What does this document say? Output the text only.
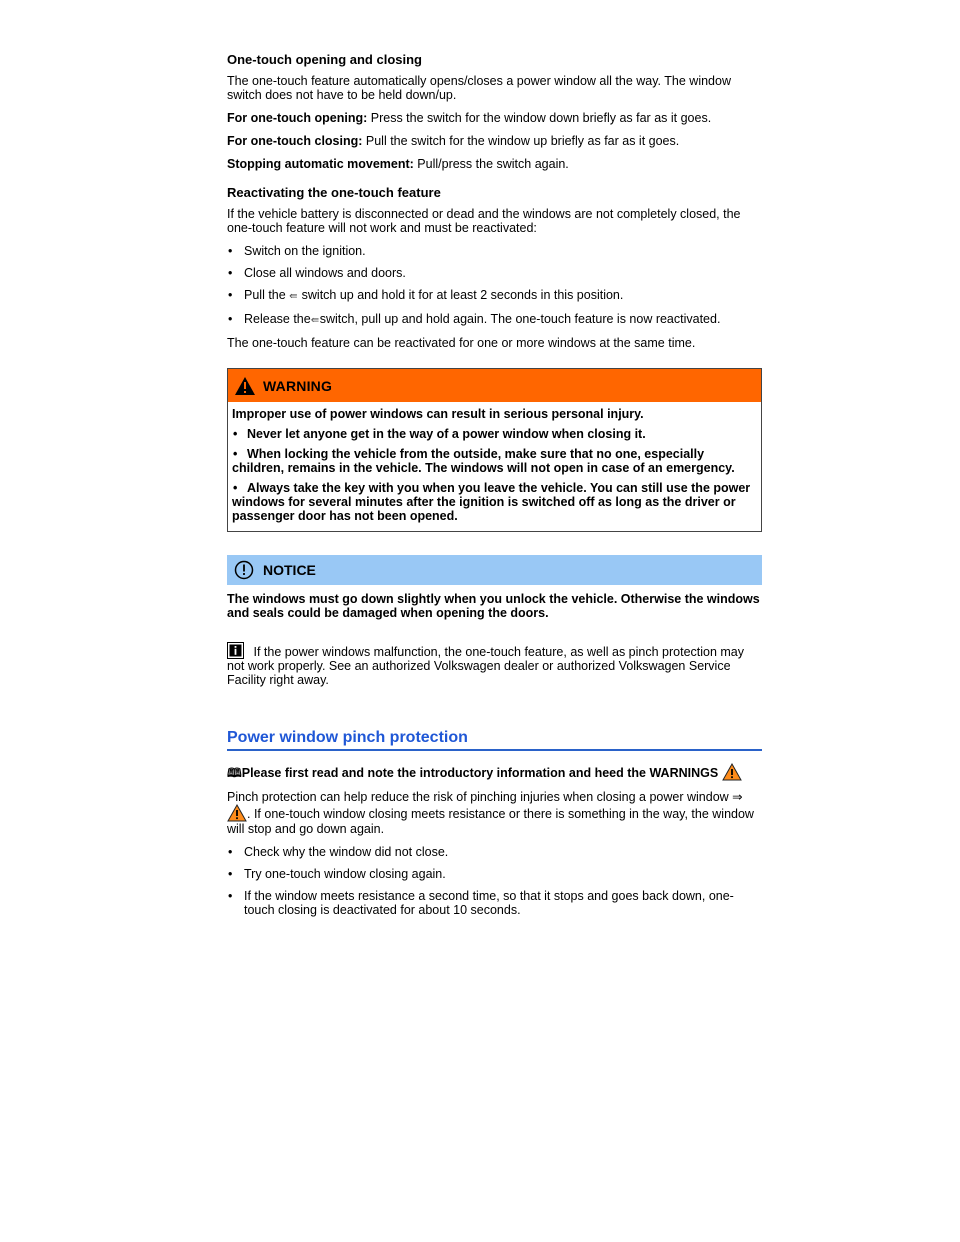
One-touch opening and closing

The one-touch feature automatically opens/closes a power window all the way. The window switch does not have to be held down/up.

For one-touch opening: Press the switch for the window down briefly as far as it goes.

For one-touch closing: Pull the switch for the window up briefly as far as it goes.

Stopping automatic movement: Pull/press the switch again.

Reactivating the one-touch feature

If the vehicle battery is disconnected or dead and the windows are not completely closed, the one-touch feature will not work and must be reactivated:

• Switch on the ignition.
• Close all windows and doors.
• Pull the ⇚ switch up and hold it for at least 2 seconds in this position.
• Release the⇚switch, pull up and hold again. The one-touch feature is now reactivated.

The one-touch feature can be reactivated for one or more windows at the same time.

WARNING

Improper use of power windows can result in serious personal injury.

• Never let anyone get in the way of a power window when closing it.
• When locking the vehicle from the outside, make sure that no one, especially children, remains in the vehicle. The windows will not open in case of an emergency.
• Always take the key with you when you leave the vehicle. You can still use the power windows for several minutes after the ignition is switched off as long as the driver or passenger door has not been opened.
NOTICE

The windows must go down slightly when you unlock the vehicle. Otherwise the windows and seals could be damaged when opening the doors.

If the power windows malfunction, the one-touch feature, as well as pinch protection may not work properly. See an authorized Volkswagen dealer or authorized Volkswagen Service Facility right away.

Power window pinch protection

🕮Please first read and note the introductory information and heed the WARNINGS

Pinch protection can help reduce the risk of pinching injuries when closing a power window ⇒ . If one-touch window closing meets resistance or there is something in the way, the window will stop and go down again.

• Check why the window did not close.
• Try one-touch window closing again.
• If the window meets resistance a second time, so that it stops and goes back down, one-touch closing is deactivated for about 10 seconds.
